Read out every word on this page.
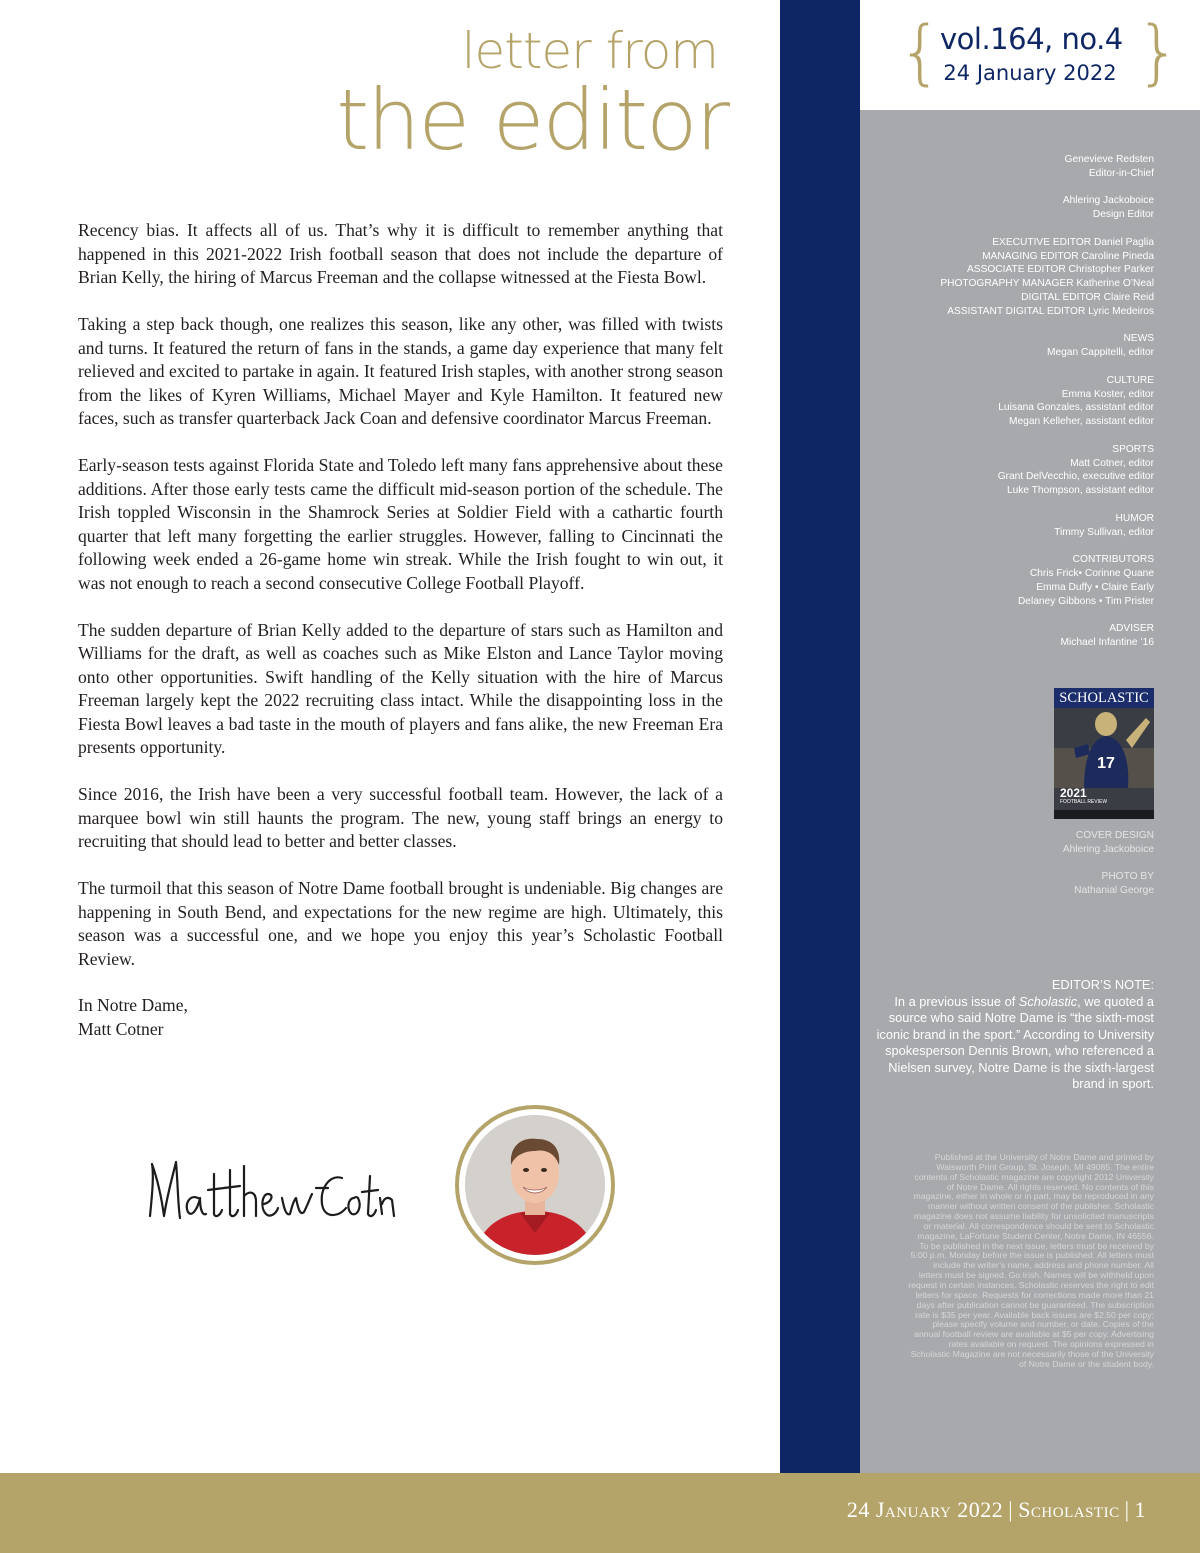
letter from
the editor

Recency bias. It affects all of us. That’s why it is difficult to remember anything that happened in this 2021-2022 Irish football season that does not include the departure of Brian Kelly, the hiring of Marcus Freeman and the collapse witnessed at the Fiesta Bowl.

Taking a step back though, one realizes this season, like any other, was filled with twists and turns. It featured the return of fans in the stands, a game day experience that many felt relieved and excited to partake in again. It featured Irish staples, with another strong season from the likes of Kyren Williams, Michael Mayer and Kyle Hamilton. It featured new faces, such as transfer quarterback Jack Coan and defensive coordinator Marcus Freeman.

Early-season tests against Florida State and Toledo left many fans apprehensive about these additions. After those early tests came the difficult mid-season portion of the schedule. The Irish toppled Wisconsin in the Shamrock Series at Soldier Field with a cathartic fourth quarter that left many forgetting the earlier struggles. However, falling to Cincinnati the following week ended a 26-game home win streak. While the Irish fought to win out, it was not enough to reach a second consecutive College Football Playoff.

The sudden departure of Brian Kelly added to the departure of stars such as Hamilton and Williams for the draft, as well as coaches such as Mike Elston and Lance Taylor moving onto other opportunities. Swift handling of the Kelly situation with the hire of Marcus Freeman largely kept the 2022 recruiting class intact. While the disappointing loss in the Fiesta Bowl leaves a bad taste in the mouth of players and fans alike, the new Freeman Era presents opportunity.

Since 2016, the Irish have been a very successful football team. However, the lack of a marquee bowl win still haunts the program. The new, young staff brings an energy to recruiting that should lead to better and better classes.

The turmoil that this season of Notre Dame football brought is undeniable. Big changes are happening in South Bend, and expectations for the new regime are high. Ultimately, this season was a successful one, and we hope you enjoy this year’s Scholastic Football Review.

In Notre Dame,
Matt Cotner
{
vol.164, no.4
24 January 2022 }
Genevieve Redsten
Editor-in-Chief
Ahlering Jackoboice
Design Editor
EXECUTIVE EDITOR Daniel Paglia
MANAGING EDITOR Caroline Pineda
ASSOCIATE EDITOR Christopher Parker
PHOTOGRAPHY MANAGER Katherine O’Neal
DIGITAL EDITOR Claire Reid
ASSISTANT DIGITAL EDITOR Lyric Medeiros
NEWS
Megan Cappitelli, editor
CULTURE
Emma Koster, editor
Luisana Gonzales, assistant editor
Megan Kelleher, assistant editor
SPORTS
Matt Cotner, editor
Grant DelVecchio, executive editor
Luke Thompson, assistant editor
HUMOR
Timmy Sullivan, editor
CONTRIBUTORS
Chris Frick• Corinne Quane
Emma Duffy • Claire Early
Delaney Gibbons • Tim Prister
ADVISER
Michael Infantine ’16
17
SCHOLASTIC
2021
FOOTBALL REVIEW
COVER DESIGN
Ahlering Jackoboice
PHOTO BY
Nathanial George
EDITOR’S NOTE:
In a previous issue of Scholastic, we quoted a source who said Notre Dame is “the sixth-most iconic brand in the sport.” According to University spokesperson Dennis Brown, who referenced a Nielsen survey, Notre Dame is the sixth-largest brand in sport.
Published at the University of Notre Dame and printed by Walsworth Print Group, St. Joseph, MI 49085. The entire contents of Scholastic magazine are copyright 2012 University of Notre Dame. All rights reserved. No contents of this magazine, either in whole or in part, may be reproduced in any manner without written consent of the publisher. Scholastic magazine does not assume liability for unsolicited manuscripts or material. All correspondence should be sent to Scholastic magazine, LaFortune Student Center, Notre Dame, IN 46556. To be published in the next issue, letters must be received by 5:00 p.m. Monday before the issue is published. All letters must include the writer’s name, address and phone number. All letters must be signed. Go Irish. Names will be withheld upon request in certain instances. Scholastic reserves the right to edit letters for space. Requests for corrections made more than 21 days after publication cannot be guaranteed. The subscription rate is $35 per year. Available back issues are $2.50 per copy; please specify volume and number, or date. Copies of the annual football review are available at $5 per copy. Advertising rates available on request. The opinions expressed in Scholastic Magazine are not necessarily those of the University of Notre Dame or the student body.
24 January 2022 | Scholastic | 1
